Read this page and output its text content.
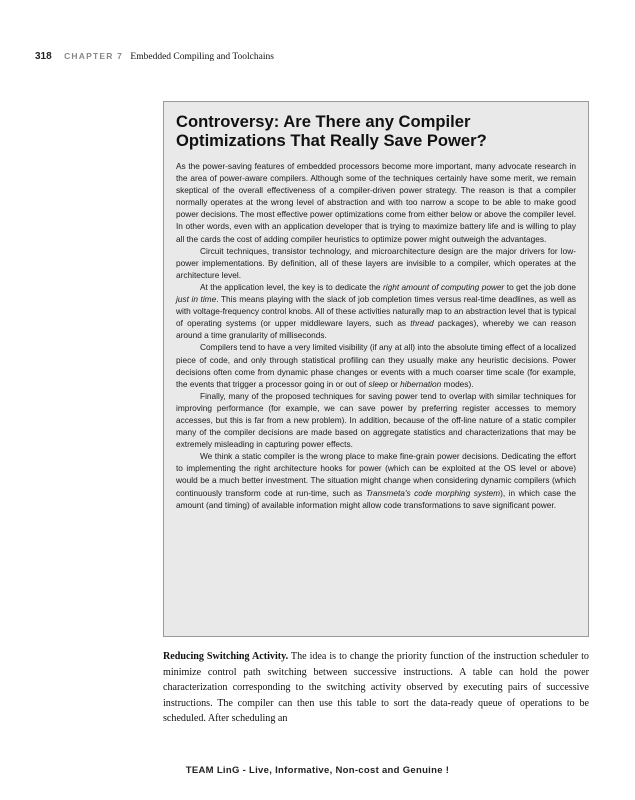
318 CHAPTER 7 Embedded Compiling and Toolchains
Controversy: Are There any Compiler Optimizations That Really Save Power?

As the power-saving features of embedded processors become more important, many advocate research in the area of power-aware compilers. Although some of the techniques certainly have some merit, we remain skeptical of the overall effectiveness of a compiler-driven power strategy. The reason is that a compiler normally operates at the wrong level of abstraction and with too narrow a scope to be able to make good power decisions. The most effective power optimizations come from either below or above the compiler level. In other words, even with an application developer that is trying to maximize battery life and is willing to play all the cards the cost of adding compiler heuristics to optimize power might outweigh the advantages.

Circuit techniques, transistor technology, and microarchitecture design are the major drivers for low-power implementations. By definition, all of these layers are invisible to a compiler, which operates at the architecture level.

At the application level, the key is to dedicate the right amount of computing power to get the job done just in time. This means playing with the slack of job completion times versus real-time deadlines, as well as with voltage-frequency control knobs. All of these activities naturally map to an abstraction level that is typical of operating systems (or upper middleware layers, such as thread packages), whereby we can reason around a time granularity of milliseconds.

Compilers tend to have a very limited visibility (if any at all) into the absolute timing effect of a localized piece of code, and only through statistical profiling can they usually make any heuristic decisions. Power decisions often come from dynamic phase changes or events with a much coarser time scale (for example, the events that trigger a processor going in or out of sleep or hibernation modes).

Finally, many of the proposed techniques for saving power tend to overlap with similar techniques for improving performance (for example, we can save power by preferring register accesses to memory accesses, but this is far from a new problem). In addition, because of the off-line nature of a static compiler many of the compiler decisions are made based on aggregate statistics and characterizations that may be extremely misleading in capturing power effects.

We think a static compiler is the wrong place to make fine-grain power decisions. Dedicating the effort to implementing the right architecture hooks for power (which can be exploited at the OS level or above) would be a much better investment. The situation might change when considering dynamic compilers (which continuously transform code at run-time, such as Transmeta's code morphing system), in which case the amount (and timing) of available information might allow code transformations to save significant power.

Reducing Switching Activity. The idea is to change the priority function of the instruction scheduler to minimize control path switching between successive instructions. A table can hold the power characterization corresponding to the switching activity observed by executing pairs of successive instructions. The compiler can then use this table to sort the data-ready queue of operations to be scheduled. After scheduling an

TEAM LinG - Live, Informative, Non-cost and Genuine !
